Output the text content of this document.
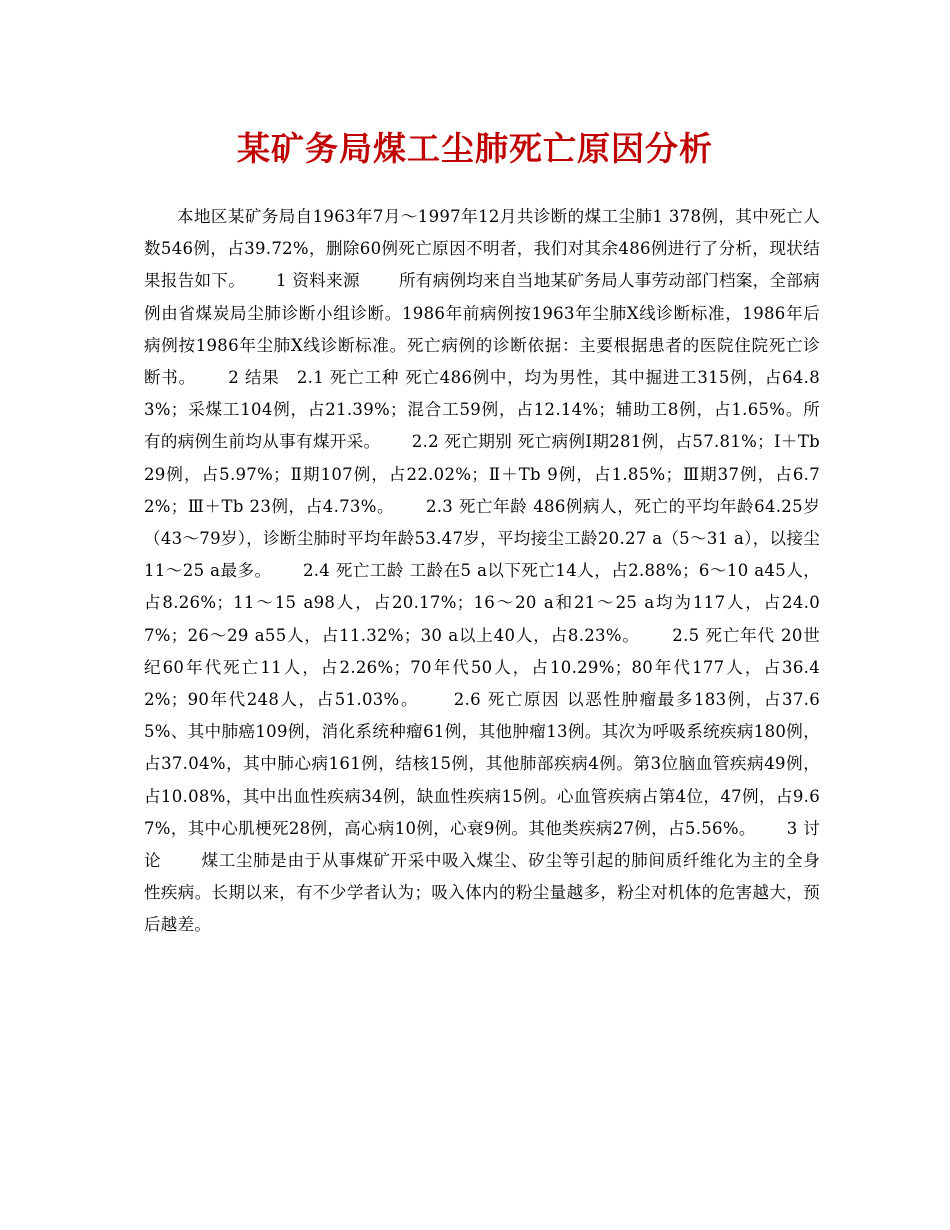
某矿务局煤工尘肺死亡原因分析

本地区某矿务局自1963年7月～1997年12月共诊断的煤工尘肺1 378例，其中死亡人数546例，占39.72%，删除60例死亡原因不明者，我们对其余486例进行了分析，现状结果报告如下。　　 1 资料来源　　 所有病例均来自当地某矿务局人事劳动部门档案，全部病例由省煤炭局尘肺诊断小组诊断。1986年前病例按1963年尘肺X线诊断标准，1986年后病例按1986年尘肺X线诊断标准。死亡病例的诊断依据：主要根据患者的医院住院死亡诊断书。　　 2 结果　2.1 死亡工种 死亡486例中，均为男性，其中掘进工315例，占64.83%；采煤工104例，占21.39%；混合工59例，占12.14%；辅助工8例，占1.65%。所有的病例生前均从事有煤开采。　　 2.2 死亡期别 死亡病例Ⅰ期281例，占57.81%；Ⅰ＋Tb 29例，占5.97%；Ⅱ期107例，占22.02%；Ⅱ＋Tb 9例，占1.85%；Ⅲ期37例，占6.72%；Ⅲ＋Tb 23例，占4.73%。　　 2.3 死亡年龄 486例病人，死亡的平均年龄64.25岁（43～79岁），诊断尘肺时平均年龄53.47岁，平均接尘工龄20.27 a（5～31 a），以接尘11～25 a最多。　　 2.4 死亡工龄 工龄在5 a以下死亡14人，占2.88%；6～10 a45人，占8.26%；11～15 a98人，占20.17%；16～20 a和21～25 a均为117人，占24.07%；26～29 a55人，占11.32%；30 a以上40人，占8.23%。　　 2.5 死亡年代 20世纪60年代死亡11人，占2.26%；70年代50人，占10.29%；80年代177人，占36.42%；90年代248人，占51.03%。　　 2.6 死亡原因 以恶性肿瘤最多183例，占37.65%、其中肺癌109例，消化系统种瘤61例，其他肿瘤13例。其次为呼吸系统疾病180例，占37.04%，其中肺心病161例，结核15例，其他肺部疾病4例。第3位脑血管疾病49例，占10.08%，其中出血性疾病34例，缺血性疾病15例。心血管疾病占第4位，47例，占9.67%，其中心肌梗死28例，高心病10例，心衰9例。其他类疾病27例，占5.56%。　　 3 讨论　　 煤工尘肺是由于从事煤矿开采中吸入煤尘、矽尘等引起的肺间质纤维化为主的全身性疾病。长期以来，有不少学者认为；吸入体内的粉尘量越多，粉尘对机体的危害越大，预后越差。
